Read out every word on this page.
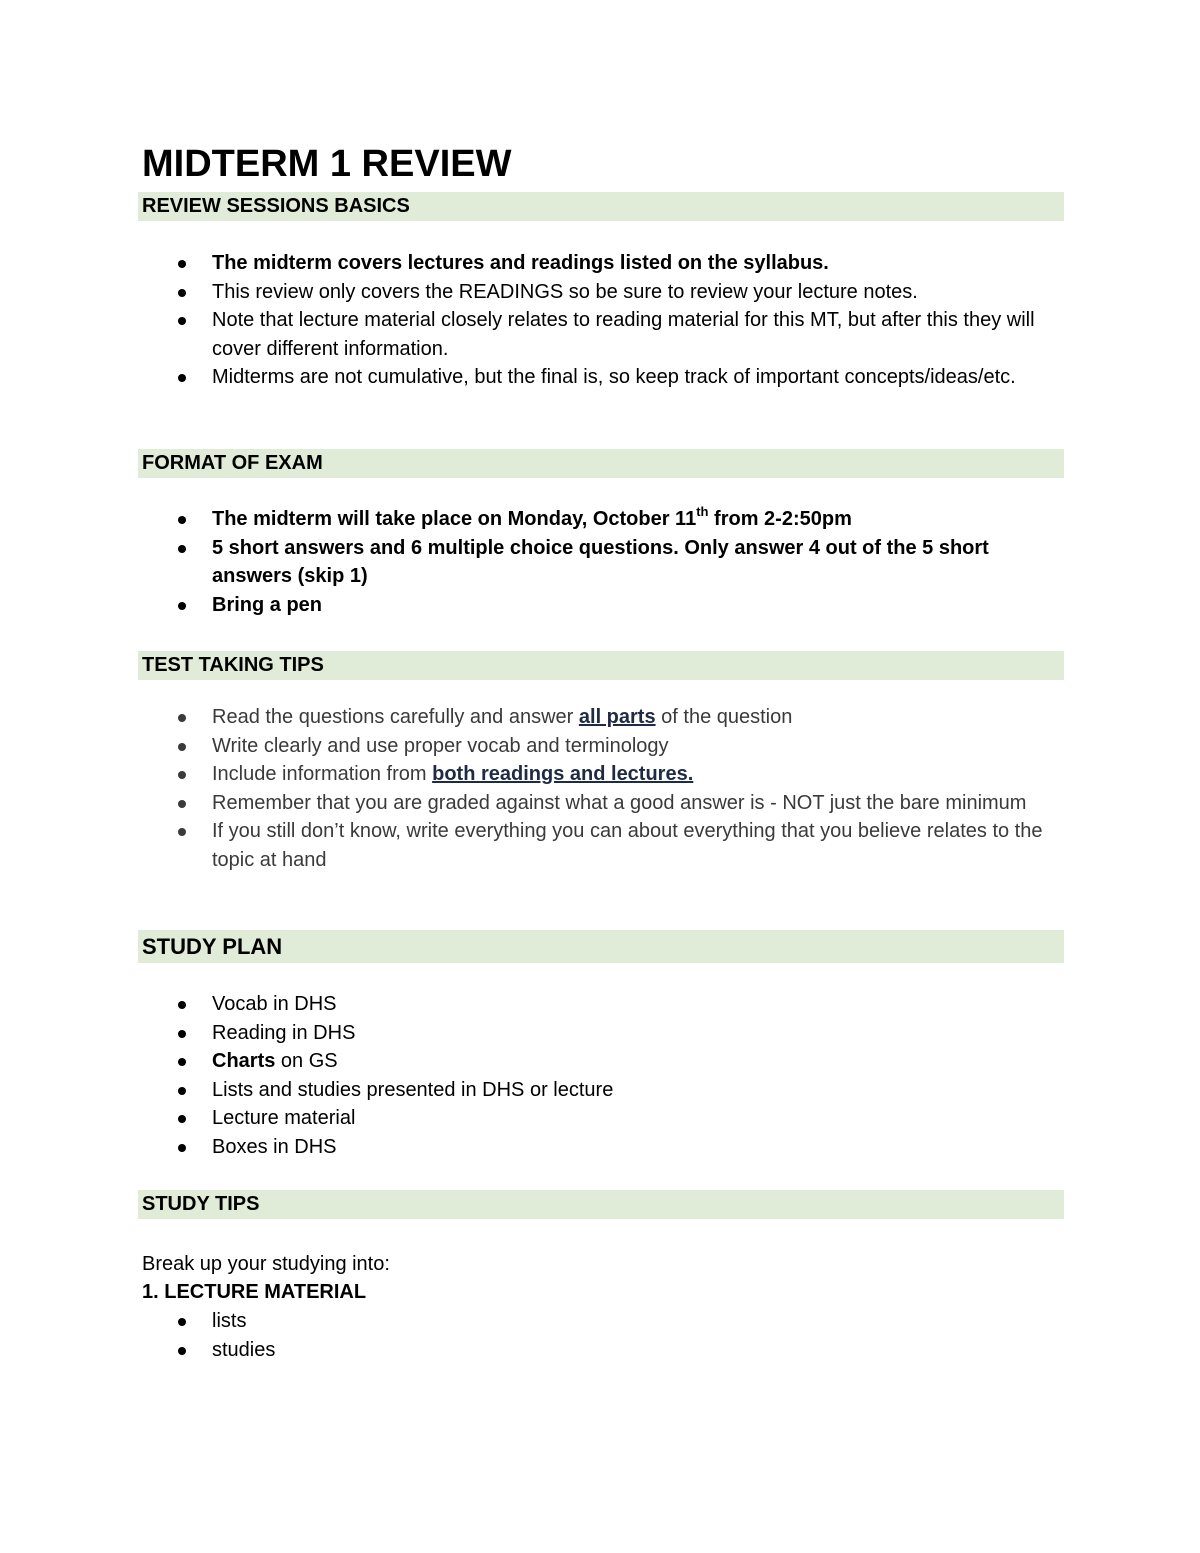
MIDTERM 1 REVIEW
REVIEW SESSIONS BASICS
The midterm covers lectures and readings listed on the syllabus.
This review only covers the READINGS so be sure to review your lecture notes.
Note that lecture material closely relates to reading material for this MT, but after this they will cover different information.
Midterms are not cumulative, but the final is, so keep track of important concepts/ideas/etc.
FORMAT OF EXAM
The midterm will take place on Monday, October 11th from 2-2:50pm
5 short answers and 6 multiple choice questions. Only answer 4 out of the 5 short answers (skip 1)
Bring a pen
TEST TAKING TIPS
Read the questions carefully and answer all parts of the question
Write clearly and use proper vocab and terminology
Include information from both readings and lectures.
Remember that you are graded against what a good answer is - NOT just the bare minimum
If you still don’t know, write everything you can about everything that you believe relates to the topic at hand
STUDY PLAN
Vocab in DHS
Reading in DHS
Charts on GS
Lists and studies presented in DHS or lecture
Lecture material
Boxes in DHS
STUDY TIPS

Break up your studying into:

1. LECTURE MATERIAL

lists
studies
